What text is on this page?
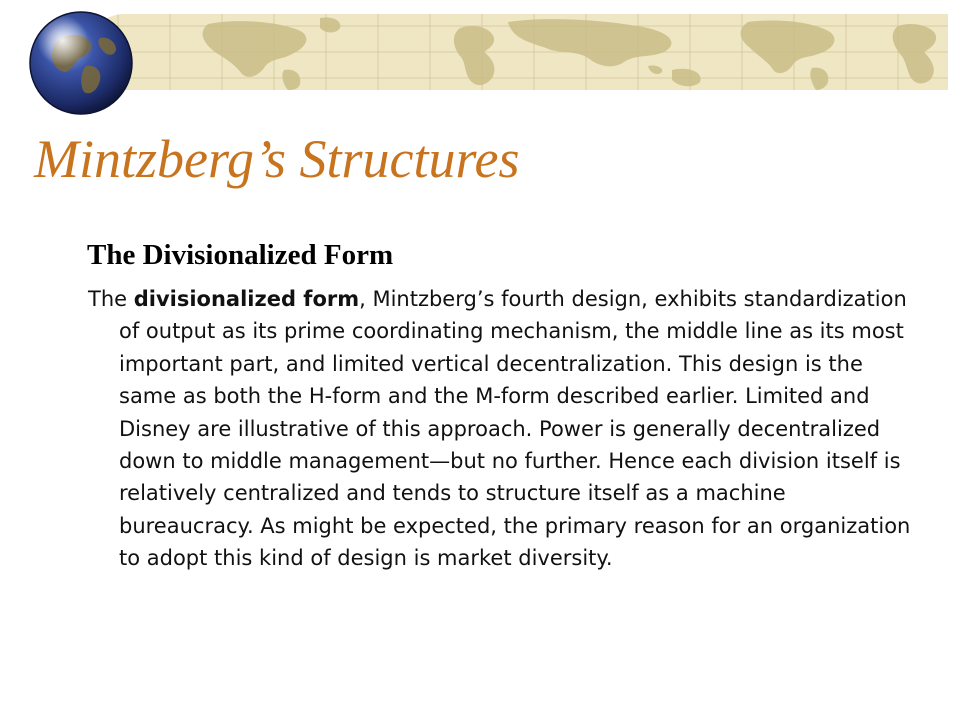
Mintzberg’s Structures
The Divisionalized Form

The divisionalized form, Mintzberg’s fourth design, exhibits standardization of output as its prime coordinating mechanism, the middle line as its most important part, and limited vertical decentralization. This design is the same as both the H-form and the M-form described earlier. Limited and Disney are illustrative of this approach. Power is generally decentralized down to middle management—but no further. Hence each division itself is relatively centralized and tends to structure itself as a machine bureaucracy. As might be expected, the primary reason for an organization to adopt this kind of design is market diversity.
